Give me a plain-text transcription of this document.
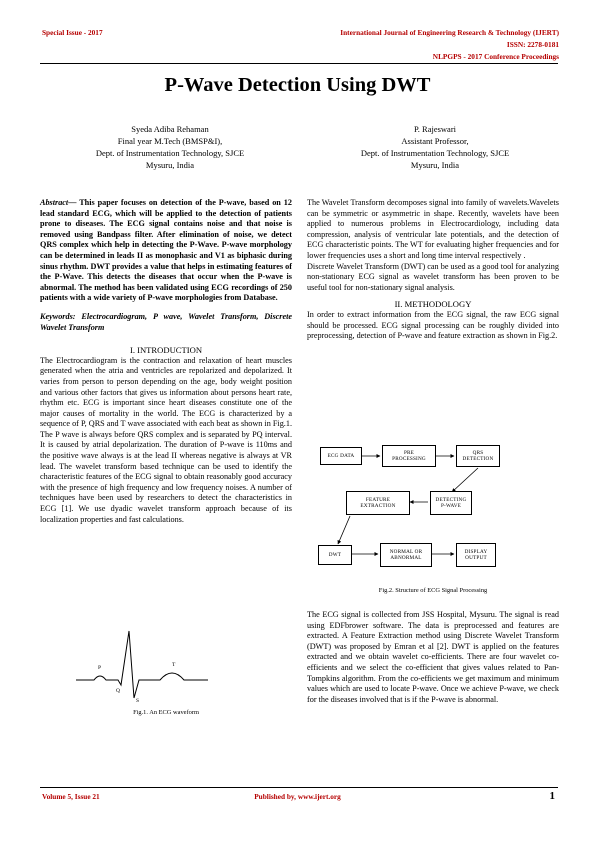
Special Issue - 2017	International Journal of Engineering Research & Technology (IJERT)
ISSN: 2278-0181
NLPGPS - 2017 Conference Proceedings
P-Wave Detection Using DWT
Syeda Adiba Rehaman
Final year M.Tech (BMSP&I),
Dept. of Instrumentation Technology, SJCE
Mysuru, India
P. Rajeswari
Assistant Professor,
Dept. of Instrumentation Technology, SJCE
Mysuru, India

Abstract— This paper focuses on detection of the P-wave, based on 12 lead standard ECG, which will be applied to the detection of patients prone to diseases. The ECG signal contains noise and that noise is removed using Bandpass filter. After elimination of noise, we detect QRS complex which help in detecting the P-Wave. P-wave morphology can be determined in leads II as monophasic and V1 as biphasic during sinus rhythm. DWT provides a value that helps in estimating features of the P-Wave. This detects the diseases that occur when the P-wave is abnormal. The method has been validated using ECG recordings of 250 patients with a wide variety of P-wave morphologies from Database.

Keywords: Electrocardiogram, P wave, Wavelet Transform, Discrete Wavelet Transform

I. INTRODUCTION

The Electrocardiogram is the contraction and relaxation of heart muscles generated when the atria and ventricles are repolarized and depolarized. It varies from person to person depending on the age, body weight position and various other factors that gives us information about persons heart rate, rhythm etc. ECG is important since heart diseases constitute one of the major causes of mortality in the world. The ECG is characterized by a sequence of P, QRS and T wave associated with each beat as shown in Fig.1. The P wave is always before QRS complex and is separated by PQ interval. It is caused by atrial depolarization. The duration of P-wave is 110ms and the positive wave always is at the lead II whereas negative is always at VR lead. The wavelet transform based technique can be used to identify the characteristic features of the ECG signal to obtain reasonably good accuracy with the presence of high frequency and low frequency noises. A number of techniques have been used by researchers to detect the characteristics in ECG [1]. We use dyadic wavelet transform approach because of its localization properties and fast calculations.

P
Q
S
T
Fig.1. An ECG waveform

The Wavelet Transform decomposes signal into family of wavelets.Wavelets can be symmetric or asymmetric in shape. Recently, wavelets have been applied to numerous problems in Electrocardiology, including data compression, analysis of ventricular late potentials, and the detection of ECG characteristic points. The WT for evaluating higher frequencies and for lower frequencies uses a short and long time interval respectively .

Discrete Wavelet Transform (DWT) can be used as a good tool for analyzing non-stationary ECG signal as wavelet transform has been proven to be useful tool for non-stationary signal analysis.

II. METHODOLOGY

In order to extract information from the ECG signal, the raw ECG signal should be processed. ECG signal processing can be roughly divided into preprocessing, detection of P-wave and feature extraction as shown in Fig.2.

ECG DATA	PRE PROCESSING
QRS DETECTION
FEATURE EXTRACTION
DETECTING P-WAVE
DWT	NORMAL OR ABNORMAL
DISPLAY OUTPUT
Fig.2. Structure of ECG Signal Processing

The ECG signal is collected from JSS Hospital, Mysuru. The signal is read using EDFbrower software. The data is preprocessed and features are extracted. A Feature Extraction method using Discrete Wavelet Transform (DWT) was proposed by Emran et al [2]. DWT is applied on the features extracted and we obtain wavelet co-efficients. There are four wavelet co-efficients and we select the co-efficient that gives values related to Pan-Tompkins algorithm. From the co-efficients we get maximum and minimum values which are used to locate P-wave. Once we achieve P-wave, we check for the diseases involved that is if the P-wave is abnormal.

Volume 5, Issue 21	Published by, www.ijert.org	1
